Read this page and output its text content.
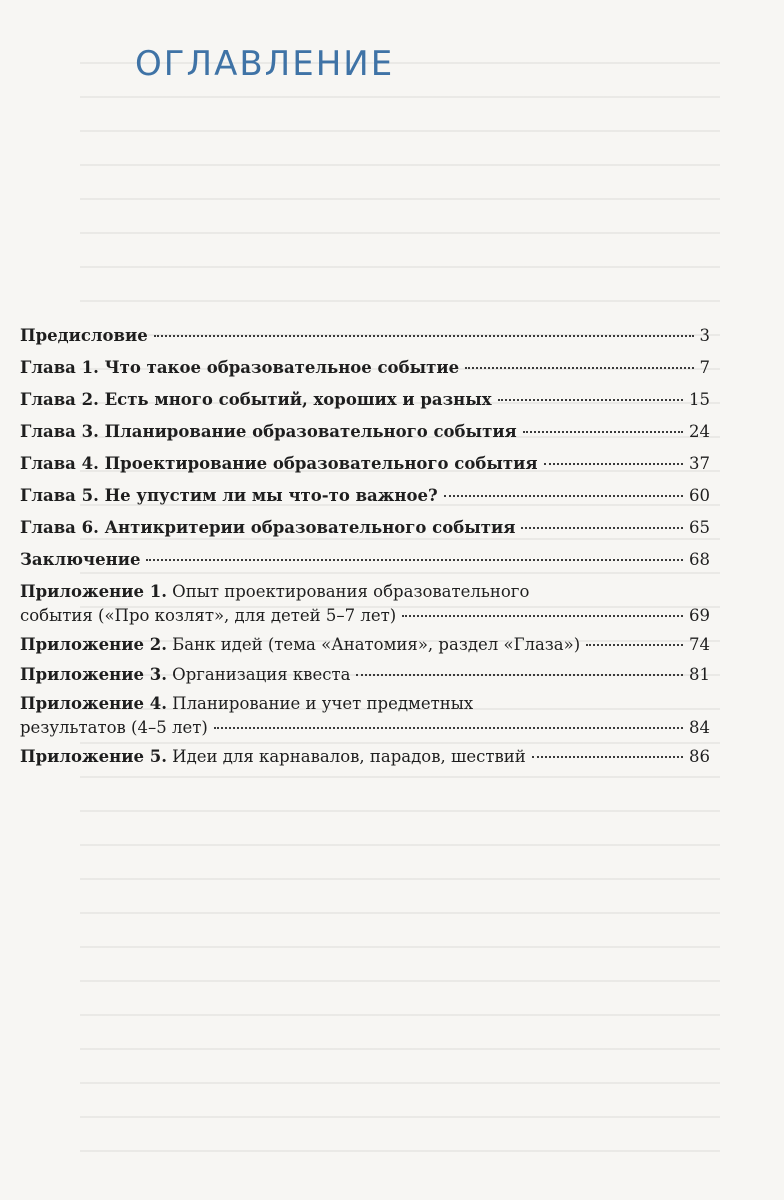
ОГЛАВЛЕНИЕ
Предисловие	3
Глава 1. Что такое образовательное событие	7
Глава 2. Есть много событий, хороших и разных	15
Глава 3. Планирование образовательного события	24
Глава 4. Проектирование образовательного события	37
Глава 5. Не упустим ли мы что-то важное?	60
Глава 6. Антикритерии образовательного события	65
Заключение	68
Приложение 1. Опыт проектирования образовательного
события («Про козлят», для детей 5–7 лет)	69
Приложение 2. Банк идей (тема «Анатомия», раздел «Глаза»)	74
Приложение 3. Организация квеста	81
Приложение 4. Планирование и учет предметных
результатов (4–5 лет)	84
Приложение 5. Идеи для карнавалов, парадов, шествий	86
